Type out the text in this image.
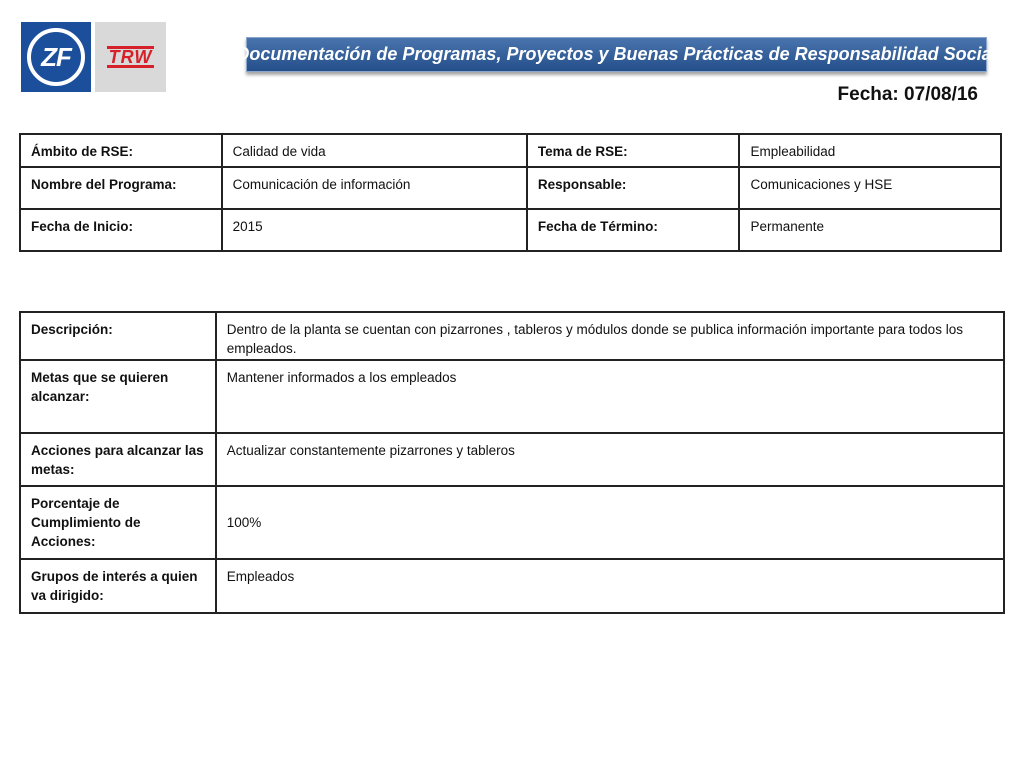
ZF	TRW	Documentación de Programas, Proyectos y Buenas Prácticas de Responsabilidad Social
Fecha: 07/08/16
Ámbito de RSE:	Calidad de vida	Tema de RSE:	Empleabilidad
Nombre del Programa:	Comunicación de información	Responsable:	Comunicaciones y HSE
Fecha de Inicio:	2015	Fecha de Término:	Permanente
Descripción:	Dentro de la planta se cuentan con pizarrones , tableros y módulos donde se publica información importante para todos los empleados.
Metas que se quieren alcanzar:	Mantener informados a los empleados
Acciones para alcanzar las metas:	Actualizar constantemente pizarrones y tableros
Porcentaje de Cumplimiento de Acciones:	100%
Grupos de interés a quien va dirigido:	Empleados
